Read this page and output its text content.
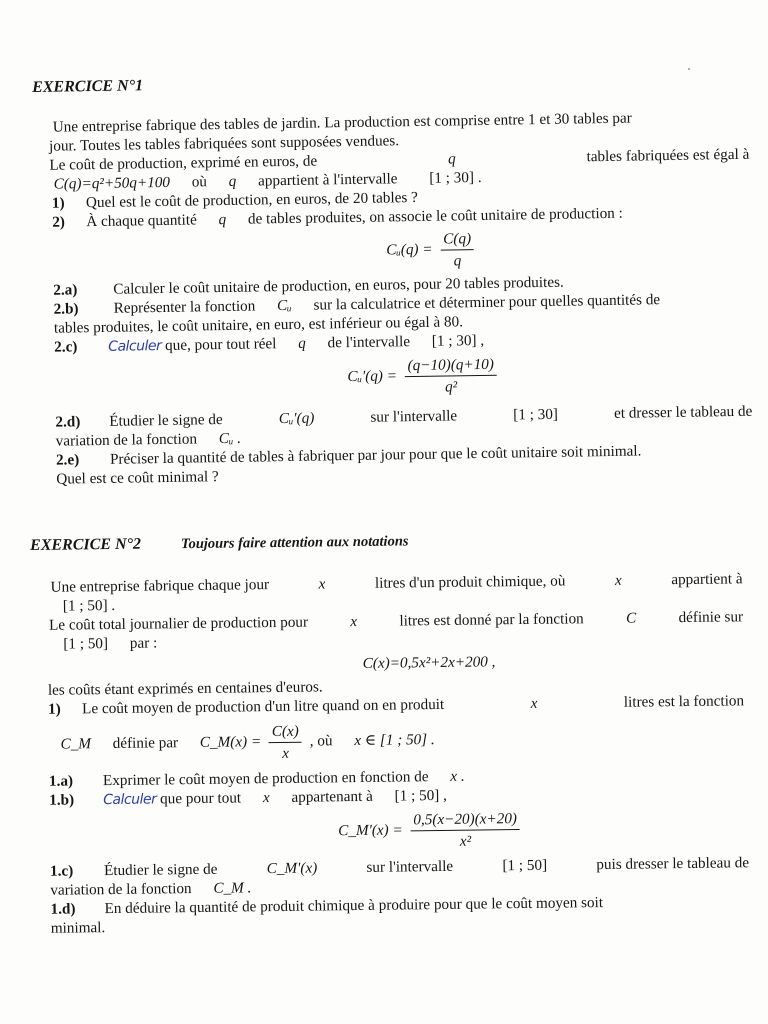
EXERCICE N°1

Une entreprise fabrique des tables de jardin. La production est comprise entre 1 et 30 tables par

jour. Toutes les tables fabriquées sont supposées vendues.

Le coût de production, exprimé en euros, de	q	tables fabriquées est égal à

C(q)=q²+50q+100 où q appartient à l'intervalle [1 ; 30] .

1)	Quel est le coût de production, en euros, de 20 tables ?

2)	À chaque quantité q de tables produites, on associe le coût unitaire de production :

Cᵤ(q) = $\frac{C(q)}{q}$

2.a)	Calculer le coût unitaire de production, en euros, pour 20 tables produites.

2.b)	Représenter la fonction Cᵤ sur la calculatrice et déterminer pour quelles quantités de

tables produites, le coût unitaire, en euro, est inférieur ou égal à 80.

2.c)	Calculer que, pour tout réel q de l'intervalle [1 ; 30] ,

Cᵤ'(q) = $\frac{(q-10)(q+10)}{\text{q²}}$

2.d)	Étudier le signe de	Cᵤ'(q)	sur l'intervalle	[1 ; 30]	et dresser le tableau de

variation de la fonction Cᵤ .

2.e)	Préciser la quantité de tables à fabriquer par jour pour que le coût unitaire soit minimal.

Quel est ce coût minimal ?

EXERCICE N°2	Toujours faire attention aux notations

Une entreprise fabrique chaque jour	x	litres d'un produit chimique, où	x	appartient à

[1 ; 50] .

Le coût total journalier de production pour	x	litres est donné par la fonction	C	définie sur

[1 ; 50] par :

C(x)=0,5x²+2x+200 ,

les coûts étant exprimés en centaines d'euros.

1)	Le coût moyen de production d'un litre quand on en produit	x	litres est la fonction

C_M définie par C_M(x) = $\frac{C(x)}{x}$ , où x ∈ [1 ; 50] .

1.a)	Exprimer le coût moyen de production en fonction de x .

1.b)	Calculer que pour tout x appartenant à [1 ; 50] ,

C_M'(x) = $\frac{0,5(x-20)(x+20)}{\text{x²}}$

1.c)	Étudier le signe de	C_M'(x)	sur l'intervalle	[1 ; 50]	puis dresser le tableau de

variation de la fonction C_M .

1.d)	En déduire la quantité de produit chimique à produire pour que le coût moyen soit

minimal.
